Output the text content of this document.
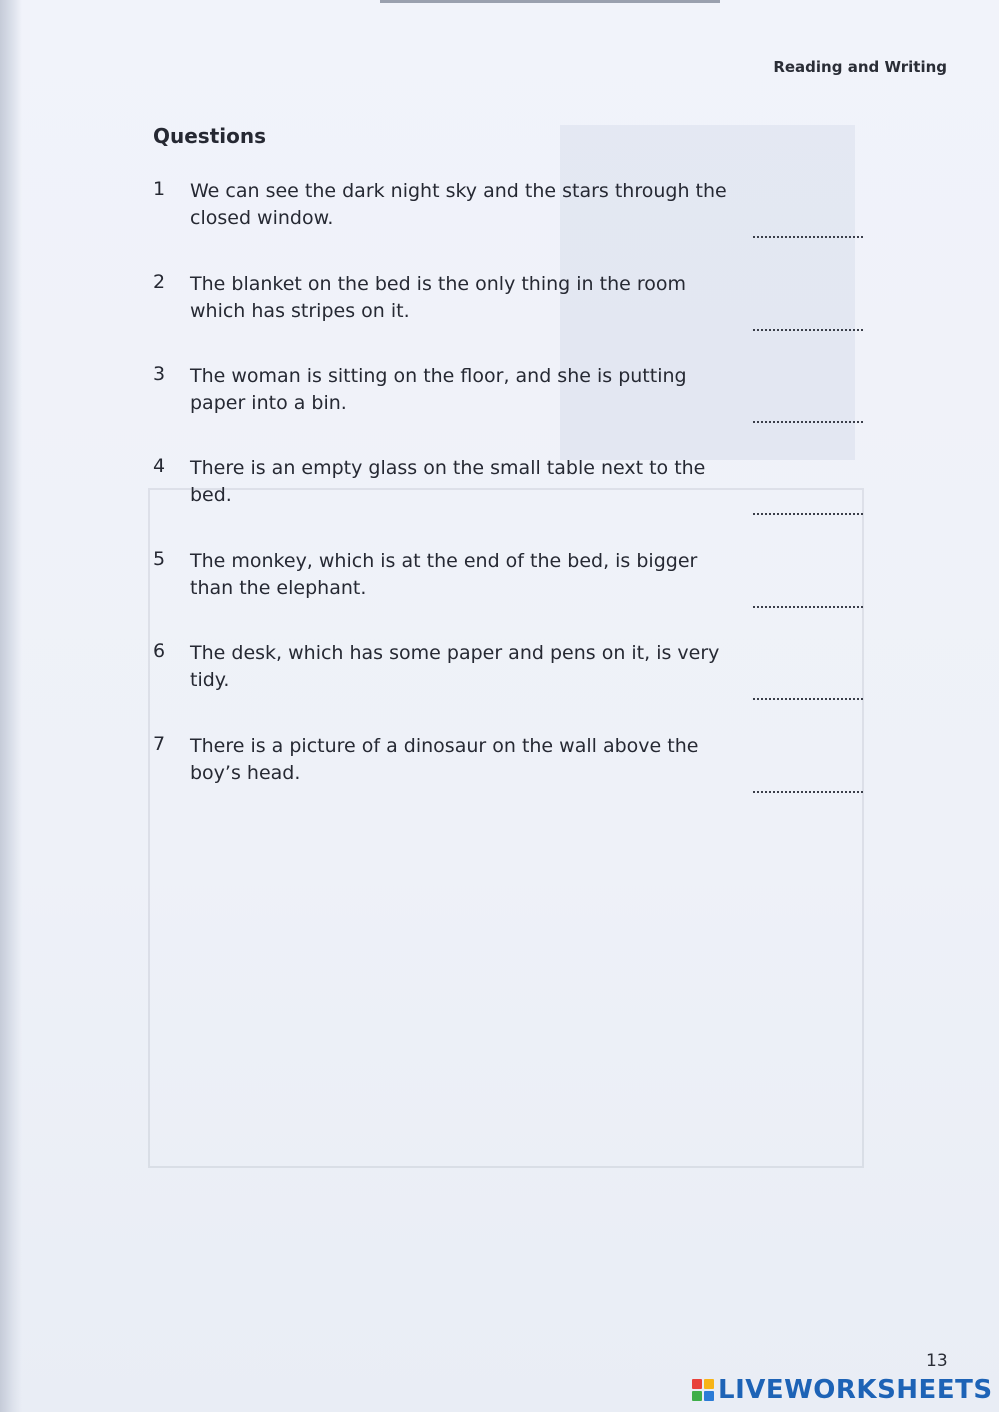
Reading and Writing
Questions
1 We can see the dark night sky and the stars through the closed window.
2 The blanket on the bed is the only thing in the room which has stripes on it.
3 The woman is sitting on the floor, and she is putting paper into a bin.
4 There is an empty glass on the small table next to the bed.
5 The monkey, which is at the end of the bed, is bigger than the elephant.
6 The desk, which has some paper and pens on it, is very tidy.
7 There is a picture of a dinosaur on the wall above the boy’s head.
13
LIVEWORKSHEETS
